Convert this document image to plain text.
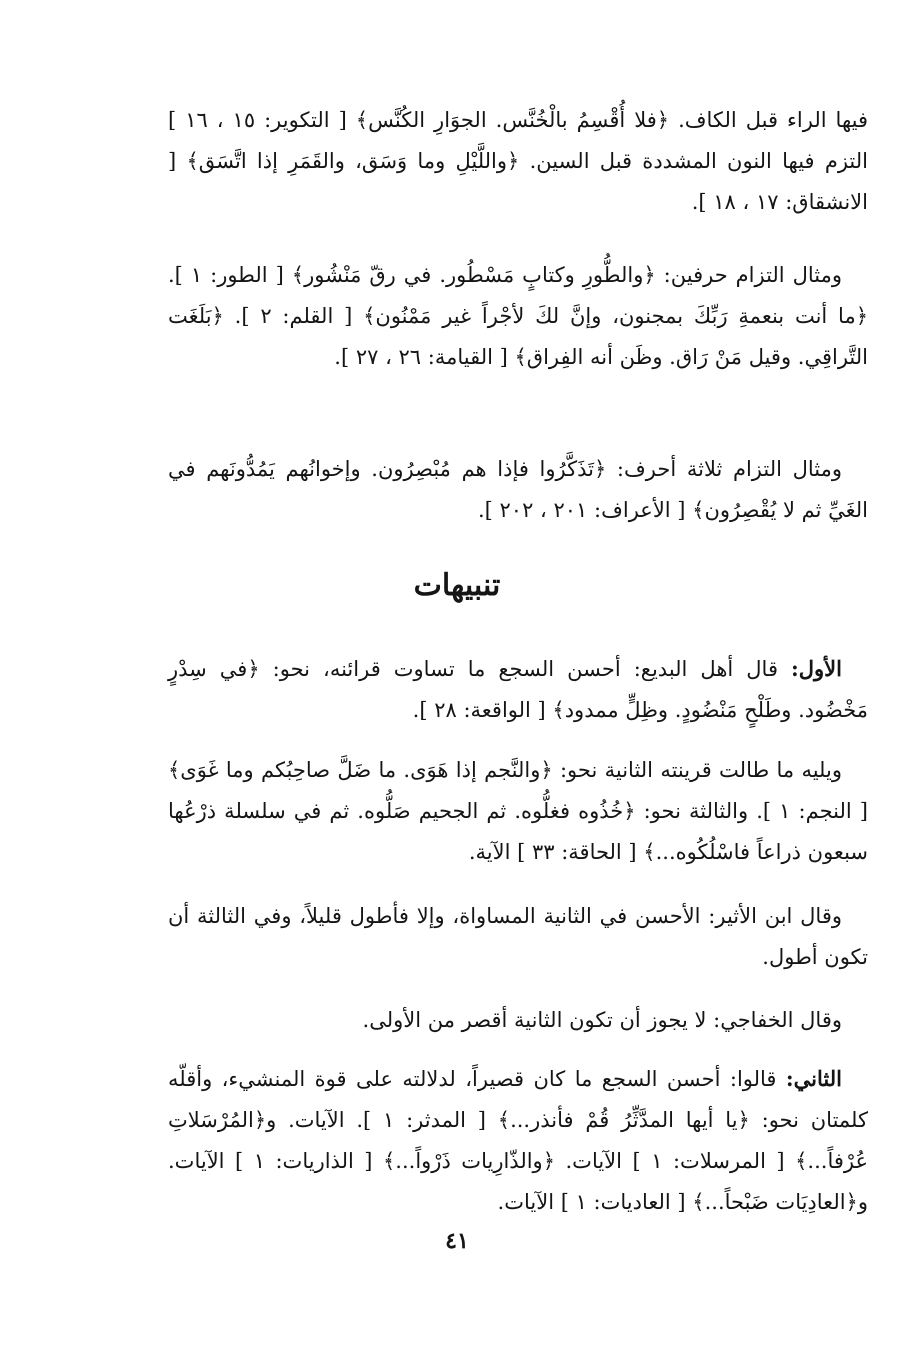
فيها الراء قبل الكاف. ﴿فلا أُقْسِمُ بالْخُنَّس. الجوَارِ الكُنَّس﴾ [ التكوير: ١٥ ، ١٦ ] التزم فيها النون المشددة قبل السين. ﴿واللَّيْلِ وما وَسَق، والقَمَرِ إذا اتَّسَق﴾ [ الانشقاق: ١٧ ، ١٨ ].

ومثال التزام حرفين: ﴿والطُّورِ وكتابٍ مَسْطُور. في رقّ مَنْشُور﴾ [ الطور: ١ ]. ﴿ما أنت بنعمةِ رَبِّكَ بمجنون، وإنَّ لكَ لأجْراً غير مَمْنُون﴾ [ القلم: ٢ ]. ﴿بَلَغَت التَّراقِي. وقيل مَنْ رَاق. وظَن أنه الفِراق﴾ [ القيامة: ٢٦ ، ٢٧ ].

ومثال التزام ثلاثة أحرف: ﴿تَذَكَّرُوا فإذا هم مُبْصِرُون. وإخوانُهم يَمُدُّونَهم في الغَيِّ ثم لا يُقْصِرُون﴾ [ الأعراف: ٢٠١ ، ٢٠٢ ].

تنبيهات

الأول: قال أهل البديع: أحسن السجع ما تساوت قرائنه، نحو: ﴿في سِدْرٍ مَخْضُود. وطَلْحٍ مَنْضُودٍ. وظِلٍّ ممدود﴾ [ الواقعة: ٢٨ ].

ويليه ما طالت قرينته الثانية نحو: ﴿والنَّجم إذا هَوَى. ما ضَلَّ صاحِبُكم وما غَوَى﴾ [ النجم: ١ ]. والثالثة نحو: ﴿خُذُوه فغلُّوه. ثم الجحيم صَلُّوه. ثم في سلسلة ذرْعُها سبعون ذراعاً فاسْلُكُوه...﴾ [ الحاقة: ٣٣ ] الآية.

وقال ابن الأثير: الأحسن في الثانية المساواة، وإلا فأطول قليلاً، وفي الثالثة أن تكون أطول.

وقال الخفاجي: لا يجوز أن تكون الثانية أقصر من الأولى.

الثاني: قالوا: أحسن السجع ما كان قصيراً، لدلالته على قوة المنشيء، وأقلّه كلمتان نحو: ﴿يا أيها المدَّثِّرُ قُمْ فأنذر...﴾ [ المدثر: ١ ]. الآيات. و﴿المُرْسَلاتِ عُرْفاً...﴾ [ المرسلات: ١ ] الآيات. ﴿والذّارِيات ذَرْواً...﴾ [ الذاريات: ١ ] الآيات. و﴿العادِيَات ضَبْحاً...﴾ [ العاديات: ١ ] الآيات.

٤١
